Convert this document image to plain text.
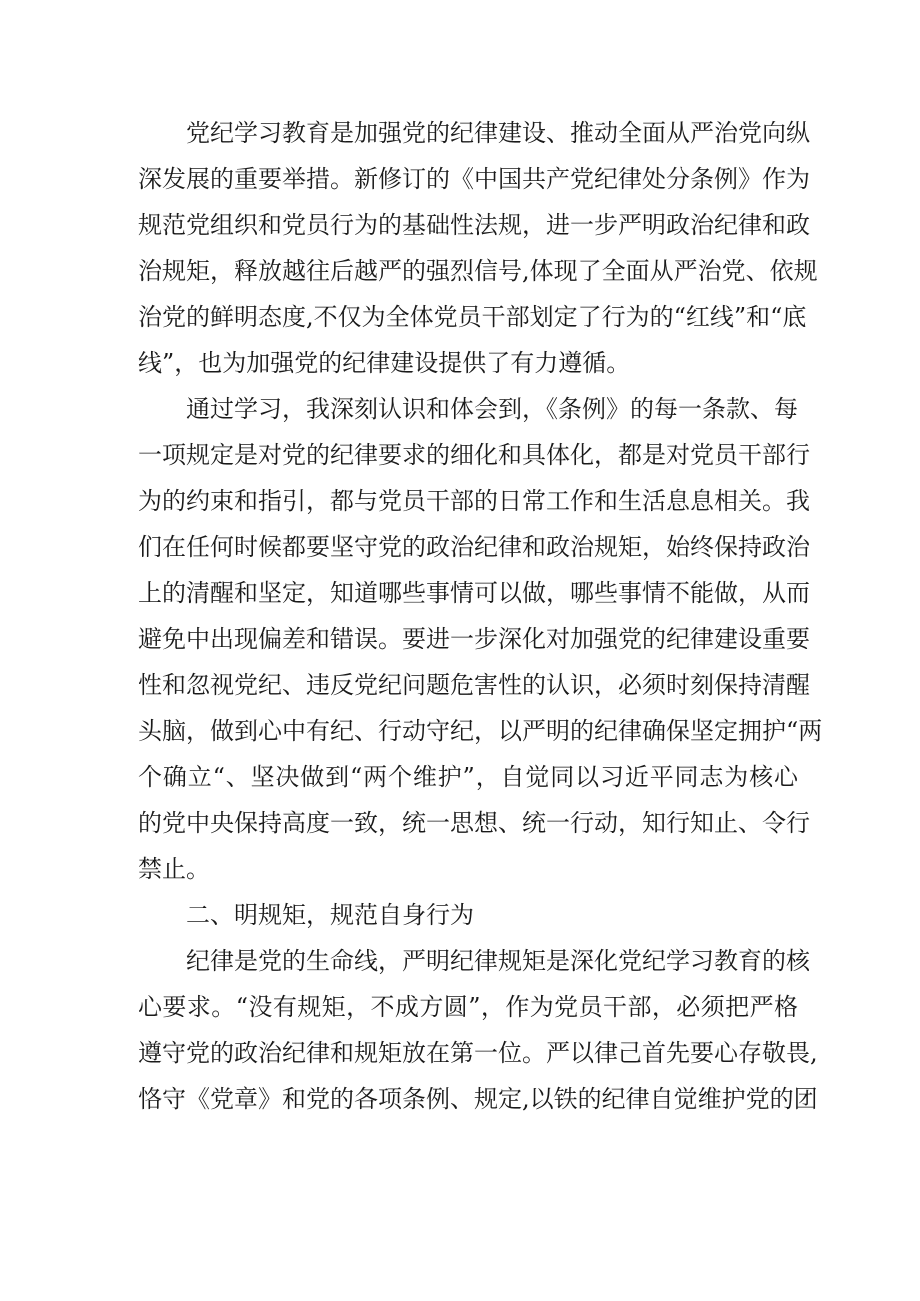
党纪学习教育是加强党的纪律建设、推动全面从严治党向纵
深发展的重要举措。新修订的《中国共产党纪律处分条例》作为
规范党组织和党员行为的基础性法规，进一步严明政治纪律和政
治规矩，释放越往后越严的强烈信号,体现了全面从严治党、依规
治党的鲜明态度,不仅为全体党员干部划定了行为的“红线”和“底
线”，也为加强党的纪律建设提供了有力遵循。
通过学习，我深刻认识和体会到，《条例》的每一条款、每
一项规定是对党的纪律要求的细化和具体化，都是对党员干部行
为的约束和指引，都与党员干部的日常工作和生活息息相关。我
们在任何时候都要坚守党的政治纪律和政治规矩，始终保持政治
上的清醒和坚定，知道哪些事情可以做，哪些事情不能做，从而
避免中出现偏差和错误。要进一步深化对加强党的纪律建设重要
性和忽视党纪、违反党纪问题危害性的认识，必须时刻保持清醒
头脑，做到心中有纪、行动守纪，以严明的纪律确保坚定拥护“两
个确立“、坚决做到“两个维护”，自觉同以习近平同志为核心
的党中央保持高度一致，统一思想、统一行动，知行知止、令行
禁止。
二、明规矩，规范自身行为
纪律是党的生命线，严明纪律规矩是深化党纪学习教育的核
心要求。“没有规矩，不成方圆”，作为党员干部，必须把严格
遵守党的政治纪律和规矩放在第一位。严以律己首先要心存敬畏,
恪守《党章》和党的各项条例、规定,以铁的纪律自觉维护党的团
